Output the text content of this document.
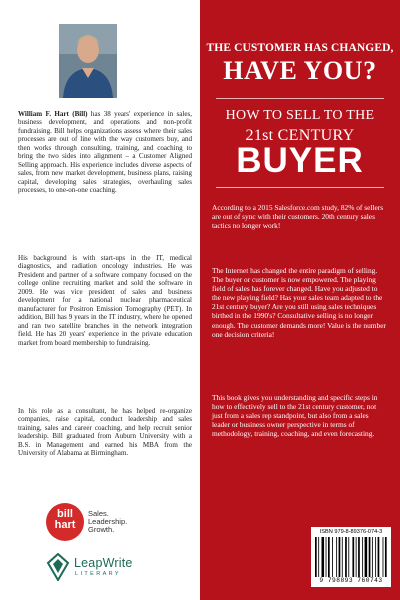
William F. Hart (Bill) has 38 years' experience in sales, business development, and operations and non-profit fundraising. Bill helps organizations assess where their sales processes are out of line with the way customers buy, and then works through consulting, training, and coaching to bring the two sides into alignment – a Customer Aligned Selling approach. His experience includes diverse aspects of sales, from new market development, business plans, raising capital, developing sales strategies, overhauling sales processes, to one-on-one coaching.
His background is with start-ups in the IT, medical diagnostics, and radiation oncology industries. He was President and partner of a software company focused on the college online recruiting market and sold the software in 2009. He was vice president of sales and business development for a national nuclear pharmaceutical manufacturer for Positron Emission Tomography (PET). In addition, Bill has 9 years in the IT industry, where he opened and ran two satellite branches in the network integration field. He has 20 years' experience in the private education market from board membership to fundraising.
In his role as a consultant, he has helped re-organize companies, raise capital, conduct leadership and sales training, sales and career coaching, and help recruit senior leadership. Bill graduated from Auburn University with a B.S. in Management and earned his MBA from the University of Alabama at Birmingham.
bill
hart
Sales.
Leadership.
Growth.
LeapWrite
LITERARY
THE CUSTOMER HAS CHANGED,
HAVE YOU?
HOW TO SELL TO THE
21st CENTURY
BUYER
According to a 2015 Salesforce.com study, 82% of sellers are out of sync with their customers. 20th century sales tactics no longer work!
The Internet has changed the entire paradigm of selling. The buyer or customer is now empowered. The playing field of sales has forever changed. Have you adjusted to the new playing field? Has your sales team adapted to the 21st century buyer? Are you still using sales techniques birthed in the 1990's? Consultative selling is no longer enough. The customer demands more! Value is the number one decision criteria!
This book gives you understanding and specific steps in how to effectively sell to the 21st century customer, not just from a sales rep standpoint, but also from a sales leader or business owner perspective in terms of methodology, training, coaching, and even forecasting.
ISBN 979-8-89376-074-3
9 798893 760743
